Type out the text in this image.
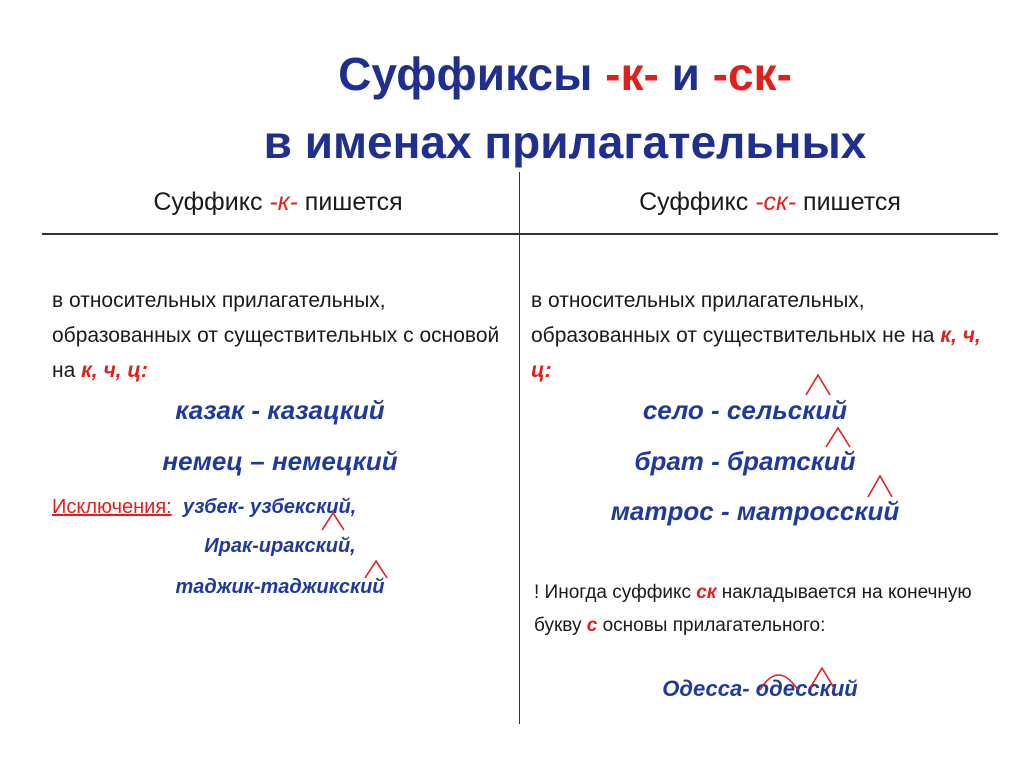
Суффиксы -к- и -ск-
в именах прилагательных
Суффикс -к- пишется	Суффикс -ск- пишется
в относительных прилагательных, образованных от существительных с основой на к, ч, ц:
казак - казацкий
немец – немецкий
Исключения: узбек- узбекский,
Ирак-иракский,
таджик-таджикский
в относительных прилагательных, образованных от существительных не на к, ч, ц:
село - сельский
брат - братский
матрос - матросский
! Иногда суффикс ск накладывается на конечную букву с основы прилагательного:
Одесса- одесский
